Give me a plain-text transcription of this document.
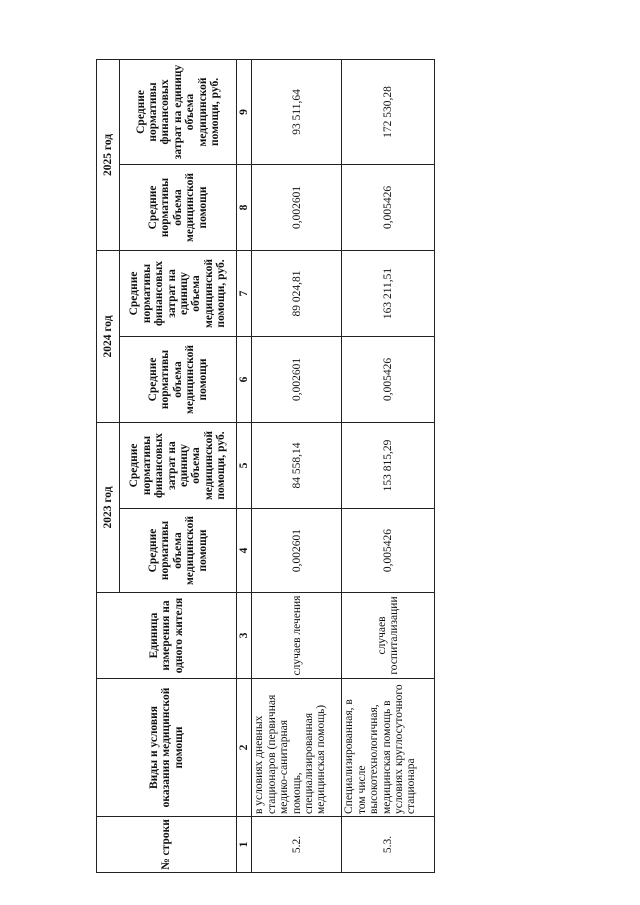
№ строки	Виды и условия оказания медицинской помощи	Единица измерения на одного жителя	2023 год		2024 год		2025 год	
			Средние нормативы объема медицинской помощи	Средние нормативы финансовых затрат на единицу объема медицинской помощи, руб.	Средние нормативы объема медицинской помощи	Средние нормативы финансовых затрат на единицу объема медицинской помощи, руб.	Средние нормативы объема медицинской помощи	Средние нормативы финансовых затрат на единицу объема медицинской помощи, руб.
1	2	3	4	5	6	7	8	9
5.2.	в условиях дневных стационаров (первичная медико-санитарная помощь, специализированная медицинская помощь)	случаев лечения	0,002601	84 558,14	0,002601	89 024,81	0,002601	93 511,64
5.3.	Специализированная, в том числе высокотехнологичная, медицинская помощь в условиях круглосуточного стационара	случаев госпитализации	0,005426	153 815,29	0,005426	163 211,51	0,005426	172 530,28
